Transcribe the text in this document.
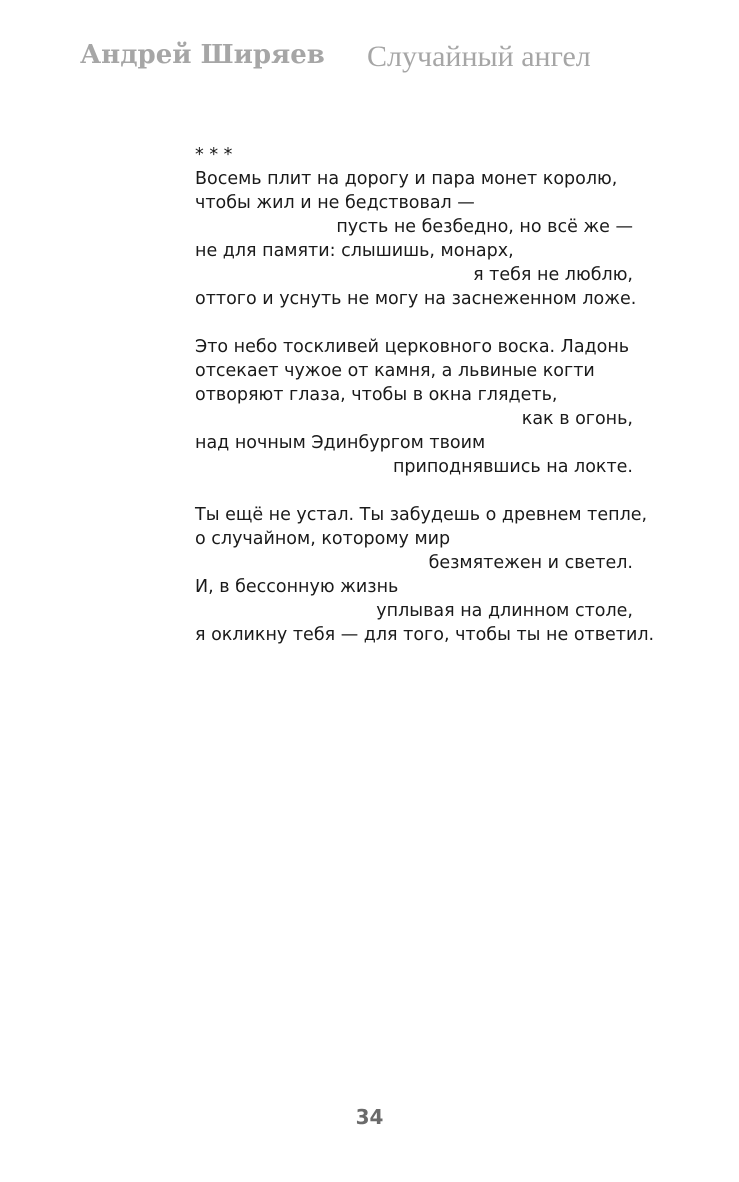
Андрей Ширяев Случайный ангел
* * *
Восемь плит на дорогу и пара монет королю,
чтобы жил и не бедствовал —
пусть не безбедно, но всё же —
не для памяти: слышишь, монарх,
я тебя не люблю,
оттого и уснуть не могу на заснеженном ложе.
Это небо тоскливей церковного воска. Ладонь
отсекает чужое от камня, а львиные когти
отворяют глаза, чтобы в окна глядеть,
как в огонь,
над ночным Эдинбургом твоим
приподнявшись на локте.
Ты ещё не устал. Ты забудешь о древнем тепле,
о случайном, которому мир
безмятежен и светел.
И, в бессонную жизнь
уплывая на длинном столе,
я окликну тебя — для того, чтобы ты не ответил.
34
